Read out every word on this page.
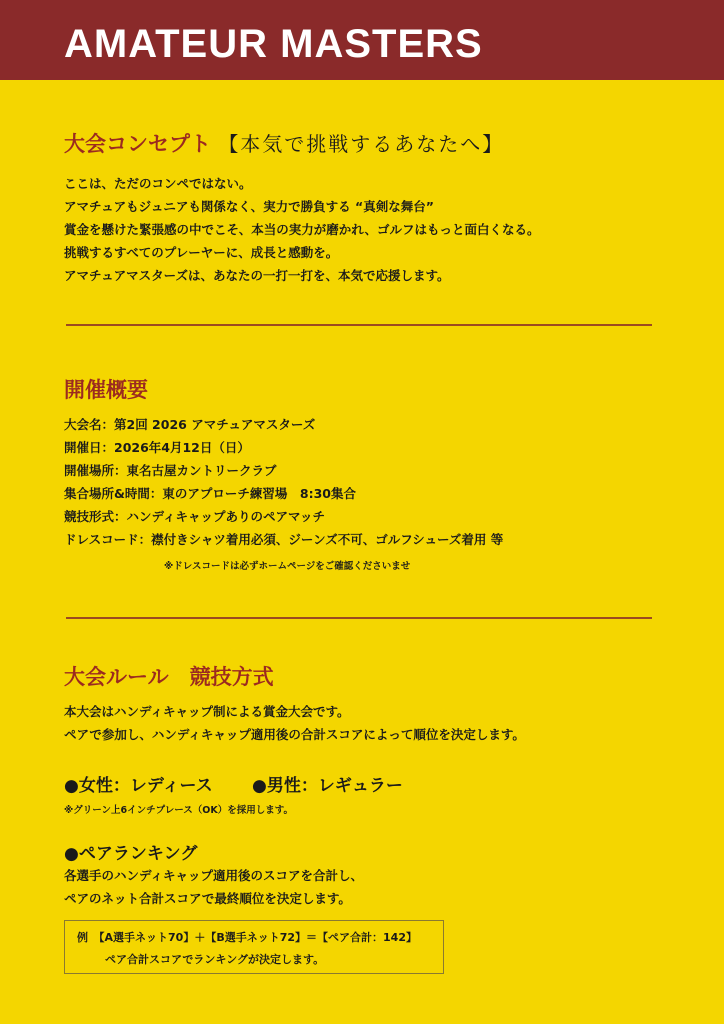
AMATEUR MASTERS
大会コンセプト 【本気で挑戦するあなたへ】
ここは、ただのコンペではない。
アマチュアもジュニアも関係なく、実力で勝負する “真剣な舞台”
賞金を懸けた緊張感の中でこそ、本当の実力が磨かれ、ゴルフはもっと面白くなる。
挑戦するすべてのプレーヤーに、成長と感動を。
アマチュアマスターズは、あなたの一打一打を、本気で応援します。
開催概要
大会名：第2回 2026 アマチュアマスターズ
開催日：2026年4月12日（日）
開催場所：東名古屋カントリークラブ
集合場所&時間：東のアプローチ練習場　8:30集合
競技形式：ハンディキャップありのペアマッチ
ドレスコード：襟付きシャツ着用必須、ジーンズ不可、ゴルフシューズ着用 等
※ドレスコードは必ずホームページをご確認くださいませ
大会ルール　競技方式
本大会はハンディキャップ制による賞金大会です。
ペアで参加し、ハンディキャップ適用後の合計スコアによって順位を決定します。
●女性：レディース ●男性：レギュラー
※グリーン上6インチプレース（OK）を採用します。
●ペアランキング
各選手のハンディキャップ適用後のスコアを合計し、
ペアのネット合計スコアで最終順位を決定します。
例　【A選手ネット70】＋【B選手ネット72】＝【ペア合計：142】
ペア合計スコアでランキングが決定します。
